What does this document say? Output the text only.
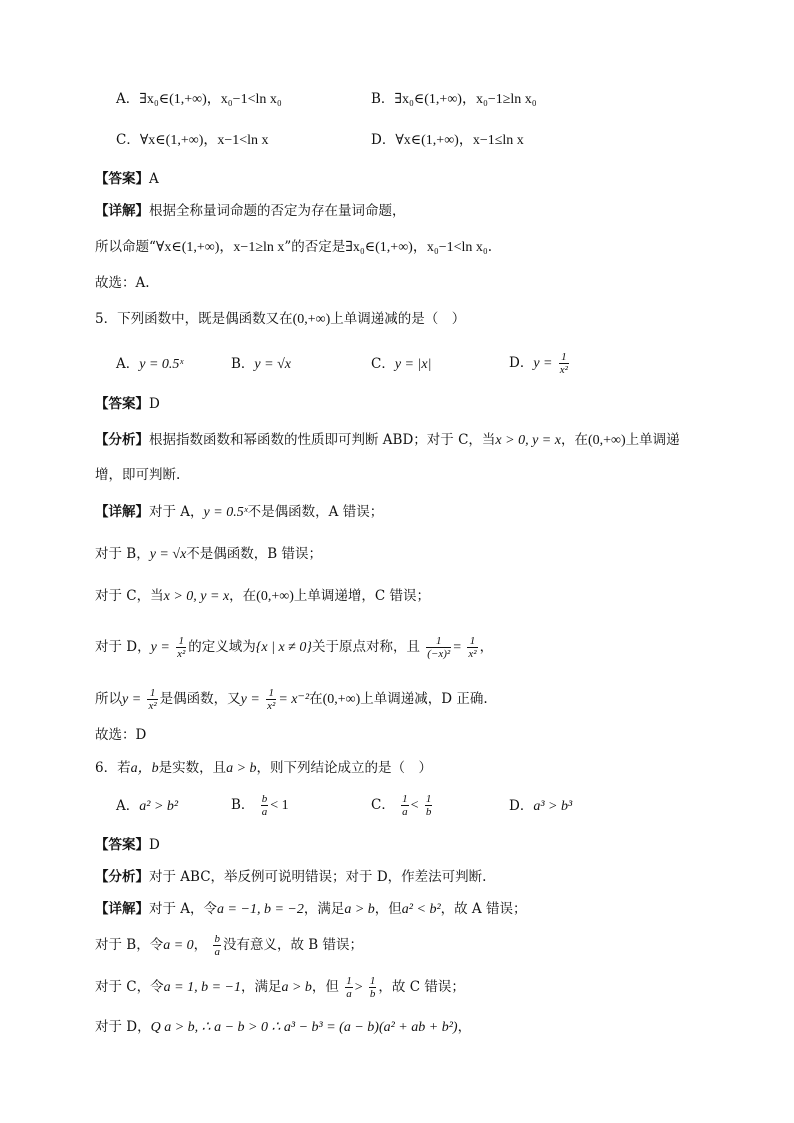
A．∃x₀∈(1,+∞)，x₀−1<ln x₀	B．∃x₀∈(1,+∞)，x₀−1≥ln x₀
C．∀x∈(1,+∞)，x−1<ln x	D．∀x∈(1,+∞)，x−1≤ln x
【答案】A
【详解】根据全称量词命题的否定为存在量词命题，
所以命题“∀x∈(1,+∞)，x−1≥ln x”的否定是∃x₀∈(1,+∞)，x₀−1<ln x₀.
故选：A.
5．下列函数中，既是偶函数又在(0,+∞)上单调递减的是（　）
A．y = 0.5ˣ	B．y = √x	C．y = |x|	D．$y = \frac{1}{\text{x²}}$
【答案】D
【分析】根据指数函数和幂函数的性质即可判断 ABD；对于 C，当x > 0, y = x，在(0,+∞)上单调递
增，即可判断.
【详解】对于 A，y = 0.5ˣ不是偶函数，A 错误；
对于 B，y = √x不是偶函数，B 错误；
对于 C，当x > 0, y = x，在(0,+∞)上单调递增，C 错误；
对于 D，$y = \frac{1}{\text{x²}}$ 的定义域为{x | x ≠ 0}关于原点对称，且 $\frac{1}{\text{(−x)²}} = \frac{1}{\text{x²}}$ ，
所以$y = \frac{1}{\text{x²}}$ 是偶函数，又$y = \frac{1}{\text{x²}} = x^{-2}$在(0,+∞)上单调递减，D 正确.
故选：D
6．若a，b是实数，且a > b，则下列结论成立的是（　）
A．a² > b²	B． $\frac{b}{a} < 1$	C． $\frac{1}{a} < \frac{1}{b}$	D．a³ > b³
【答案】D
【分析】对于 ABC，举反例可说明错误；对于 D，作差法可判断.
【详解】对于 A，令a = −1, b = −2，满足a > b，但a² < b²，故 A 错误；
对于 B，令a = 0， $\frac{b}{a}$ 没有意义，故 B 错误；
对于 C，令a = 1, b = −1，满足a > b，但 $\frac{1}{a} > \frac{1}{b}$ ，故 C 错误；
对于 D，Q a > b, ∴ a − b > 0 ∴ a³ − b³ = (a − b)(a² + ab + b²)，
